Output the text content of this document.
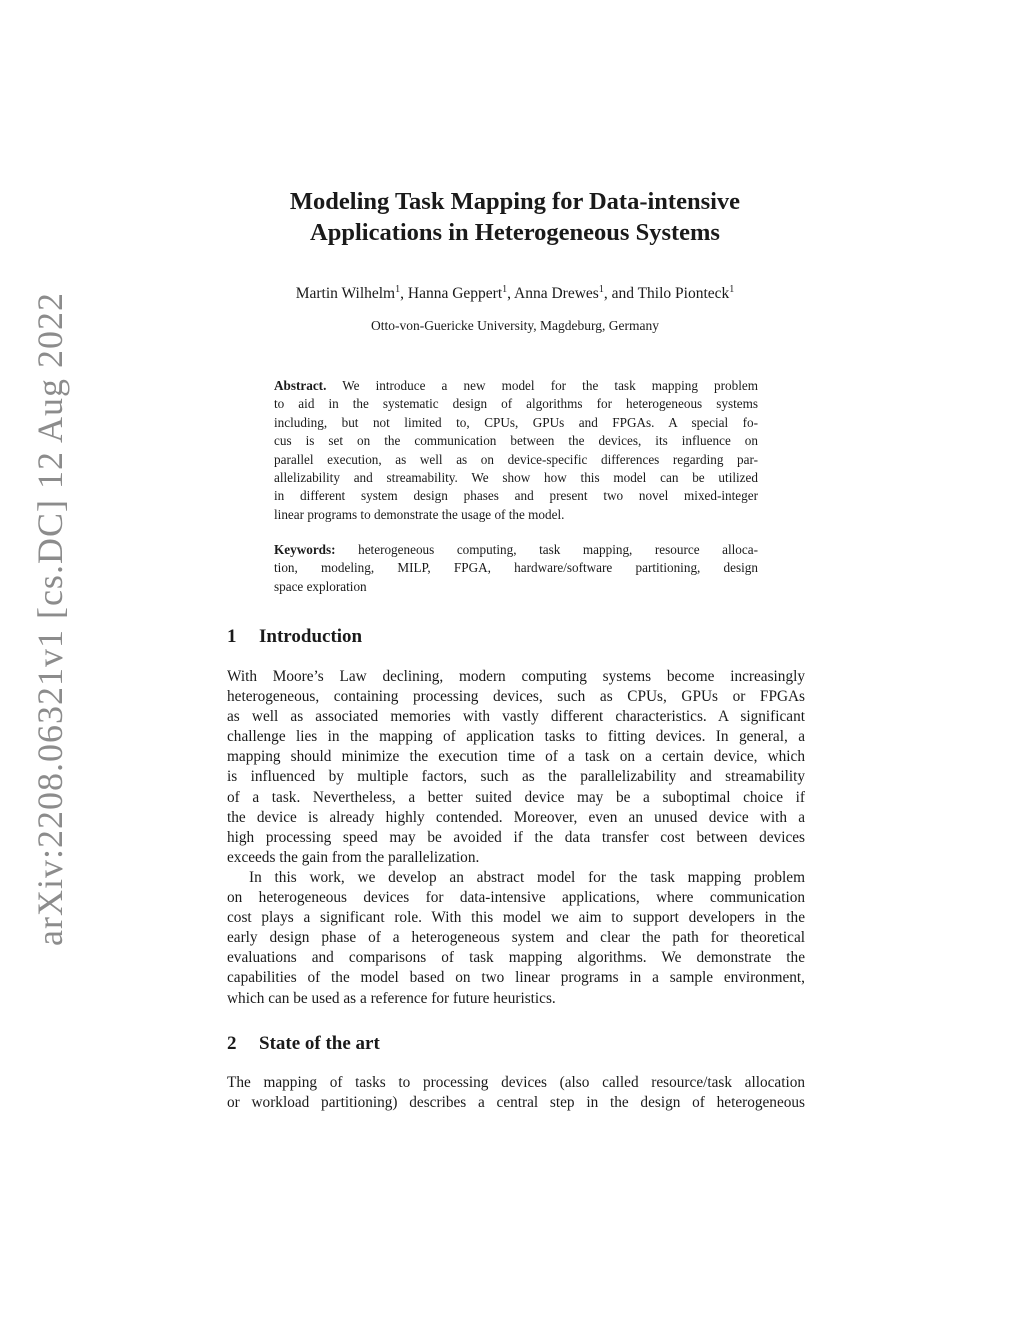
arXiv:2208.06321v1 [cs.DC] 12 Aug 2022
Modeling Task Mapping for Data-intensive
Applications in Heterogeneous Systems
Martin Wilhelm$^1$, Hanna Geppert$^1$, Anna Drewes$^1$, and Thilo Pionteck$^1$
Otto-von-Guericke University, Magdeburg, Germany
Abstract. We introduce a new model for the task mapping problem
to aid in the systematic design of algorithms for heterogeneous systems
including, but not limited to, CPUs, GPUs and FPGAs. A special fo-
cus is set on the communication between the devices, its influence on
parallel execution, as well as on device-specific differences regarding par-
allelizability and streamability. We show how this model can be utilized
in different system design phases and present two novel mixed-integer
linear programs to demonstrate the usage of the model.
Keywords: heterogeneous computing, task mapping, resource alloca-
tion, modeling, MILP, FPGA, hardware/software partitioning, design
space exploration
1 Introduction
With Moore’s Law declining, modern computing systems become increasingly
heterogeneous, containing processing devices, such as CPUs, GPUs or FPGAs
as well as associated memories with vastly different characteristics. A significant
challenge lies in the mapping of application tasks to fitting devices. In general, a
mapping should minimize the execution time of a task on a certain device, which
is influenced by multiple factors, such as the parallelizability and streamability
of a task. Nevertheless, a better suited device may be a suboptimal choice if
the device is already highly contended. Moreover, even an unused device with a
high processing speed may be avoided if the data transfer cost between devices
exceeds the gain from the parallelization.
In this work, we develop an abstract model for the task mapping problem
on heterogeneous devices for data-intensive applications, where communication
cost plays a significant role. With this model we aim to support developers in the
early design phase of a heterogeneous system and clear the path for theoretical
evaluations and comparisons of task mapping algorithms. We demonstrate the
capabilities of the model based on two linear programs in a sample environment,
which can be used as a reference for future heuristics.
2 State of the art
The mapping of tasks to processing devices (also called resource/task allocation
or workload partitioning) describes a central step in the design of heterogeneous
